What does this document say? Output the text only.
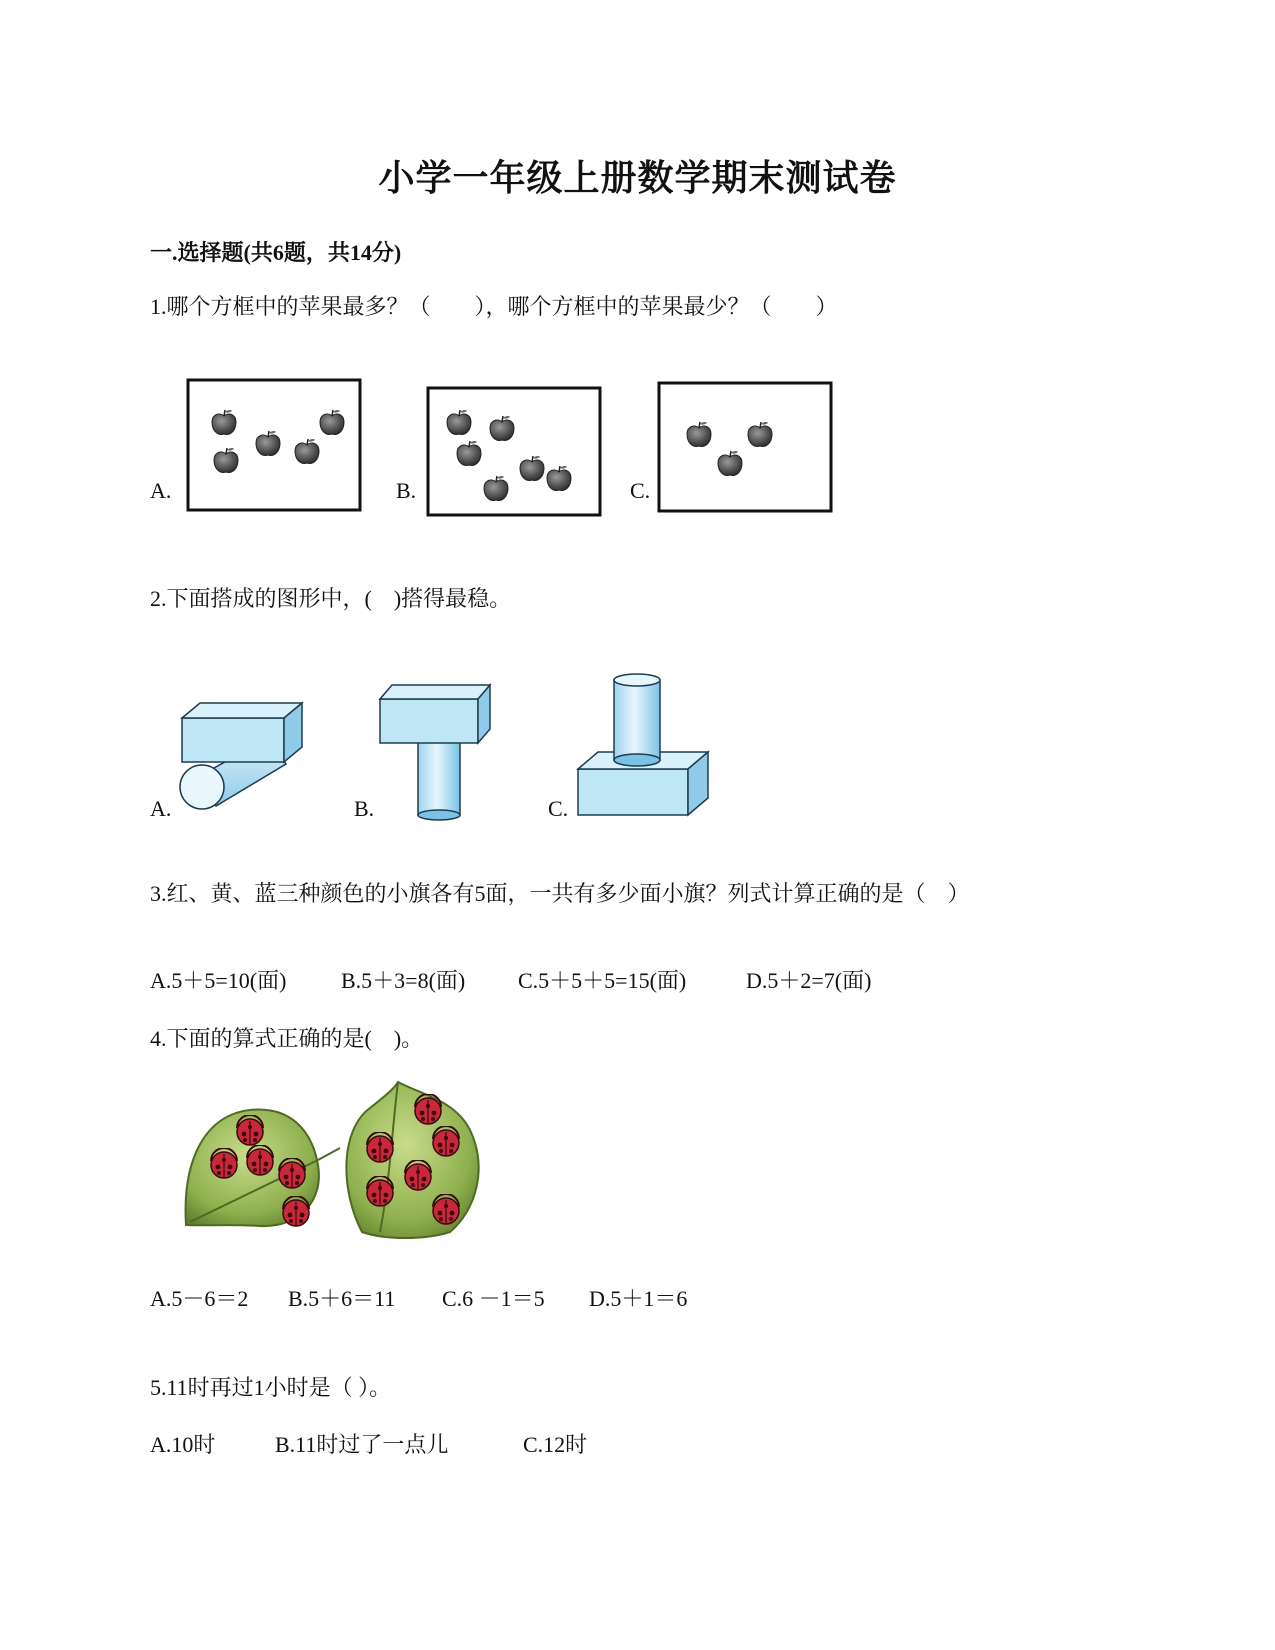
小学一年级上册数学期末测试卷
一.选择题(共6题，共14分)
1.哪个方框中的苹果最多？（　　），哪个方框中的苹果最少？（　　）
A.	B.	C.
2.下面搭成的图形中，(　)搭得最稳。
A.	B.	C.
3.红、黄、蓝三种颜色的小旗各有5面，一共有多少面小旗？列式计算正确的是（　）
A.5＋5=10(面) B.5＋3=8(面) C.5＋5＋5=15(面)	D.5＋2=7(面)
4.下面的算式正确的是(　)。
A.5－6＝2 B.5＋6＝11 C.6 －1＝5 D.5＋1＝6
5.11时再过1小时是（ ）。
A.10时	B.11时过了一点儿	C.12时
